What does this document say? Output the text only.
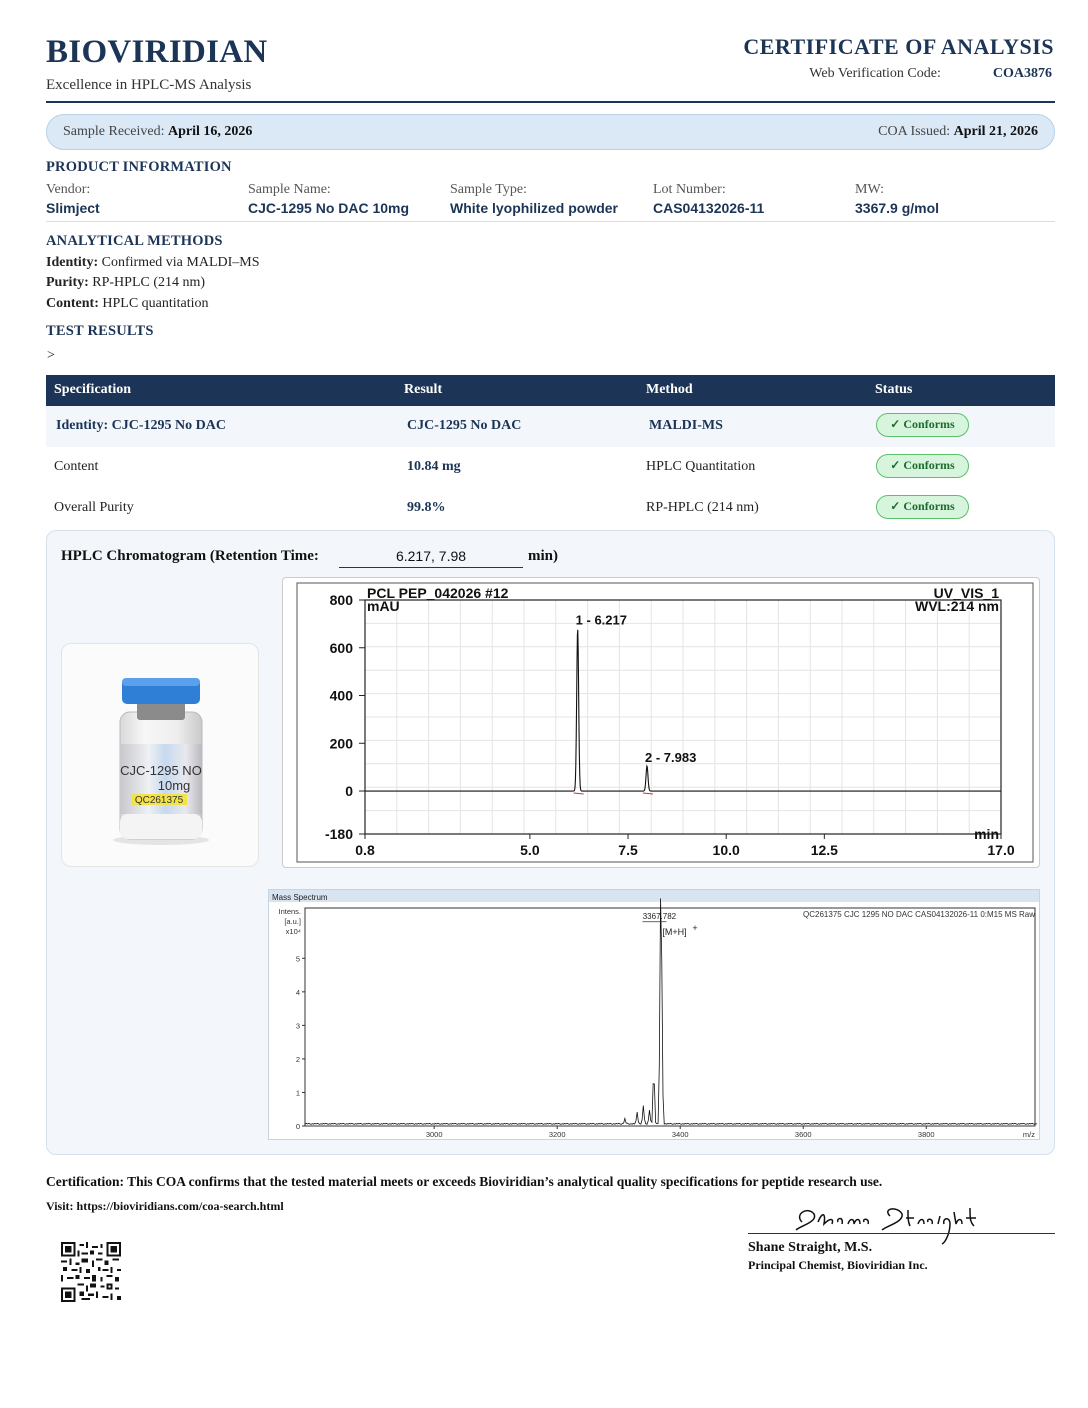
BIOVIRIDIAN
Excellence in HPLC-MS Analysis
CERTIFICATE OF ANALYSIS
Web Verification Code:	COA3876
Sample Received: April 16, 2026	COA Issued: April 21, 2026
PRODUCT INFORMATION
Vendor:
Slimject
Sample Name:
CJC-1295 No DAC 10mg
Sample Type:
White lyophilized powder
Lot Number:
CAS04132026-11
MW:
3367.9 g/mol
ANALYTICAL METHODS
Identity: Confirmed via MALDI–MS
Purity: RP-HPLC (214 nm)
Content: HPLC quantitation
TEST RESULTS
>
Specification	Result	Method	Status
Identity: CJC-1295 No DAC	CJC-1295 No DAC	MALDI-MS	✓ Conforms
Content	10.84 mg	HPLC Quantitation	✓ Conforms
Overall Purity	99.8%	RP-HPLC (214 nm)	✓ Conforms
HPLC Chromatogram (Retention Time:	6.217, 7.98	min)
CJC-1295 NO
10mg
QC261375
PCL PEP_042026 #12	UV_VIS_1
mAU	WVL:214 nm
min
800
600
400
200
0
-180
0.8	5.0	7.5	10.0	12.5	17.0
1 - 6.217
2 - 7.983
Mass Spectrum
QC261375 CJC 1295 NO DAC CAS04132026-11 0:M15 MS Raw
Intens.
[a.u.]
x10⁴
5
4
3
2
1
0
3000	3200	3400	3600	3800	m/z
3367.782
[M+H] +
Certification: This COA confirms that the tested material meets or exceeds Bioviridian’s analytical quality specifications for peptide research use.
Visit: https://bioviridians.com/coa-search.html
Shane Straight, M.S.
Principal Chemist, Bioviridian Inc.
